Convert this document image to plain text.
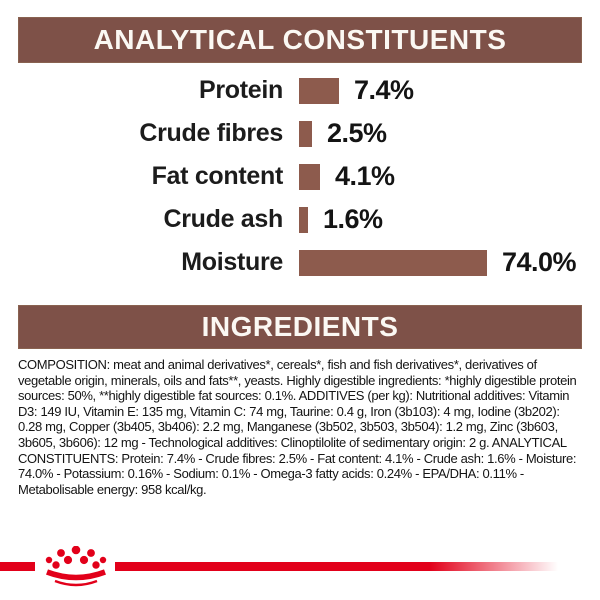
ANALYTICAL CONSTITUENTS
Protein	7.4%
Crude fibres 2.5%
Fat content 4.1%
Crude ash 1.6%
Moisture	74.0%
INGREDIENTS

COMPOSITION: meat and animal derivatives*, cereals*, fish and fish derivatives*, derivatives of vegetable origin, minerals, oils and fats**, yeasts. Highly digestible ingredients: *highly digestible protein sources: 50%, **highly digestible fat sources: 0.1%. ADDITIVES (per kg): Nutritional additives: Vitamin D3: 149 IU, Vitamin E: 135 mg, Vitamin C: 74 mg, Taurine: 0.4 g, Iron (3b103): 4 mg, Iodine (3b202): 0.28 mg, Copper (3b405, 3b406): 2.2 mg, Manganese (3b502, 3b503, 3b504): 1.2 mg, Zinc (3b603, 3b605, 3b606): 12 mg - Technological additives: Clinoptilolite of sedimentary origin: 2 g. ANALYTICAL CONSTITUENTS: Protein: 7.4% - Crude fibres: 2.5% - Fat content: 4.1% - Crude ash: 1.6% - Moisture: 74.0% - Potassium: 0.16% - Sodium: 0.1% - Omega-3 fatty acids: 0.24% - EPA/DHA: 0.11% - Metabolisable energy: 958 kcal/kg.
